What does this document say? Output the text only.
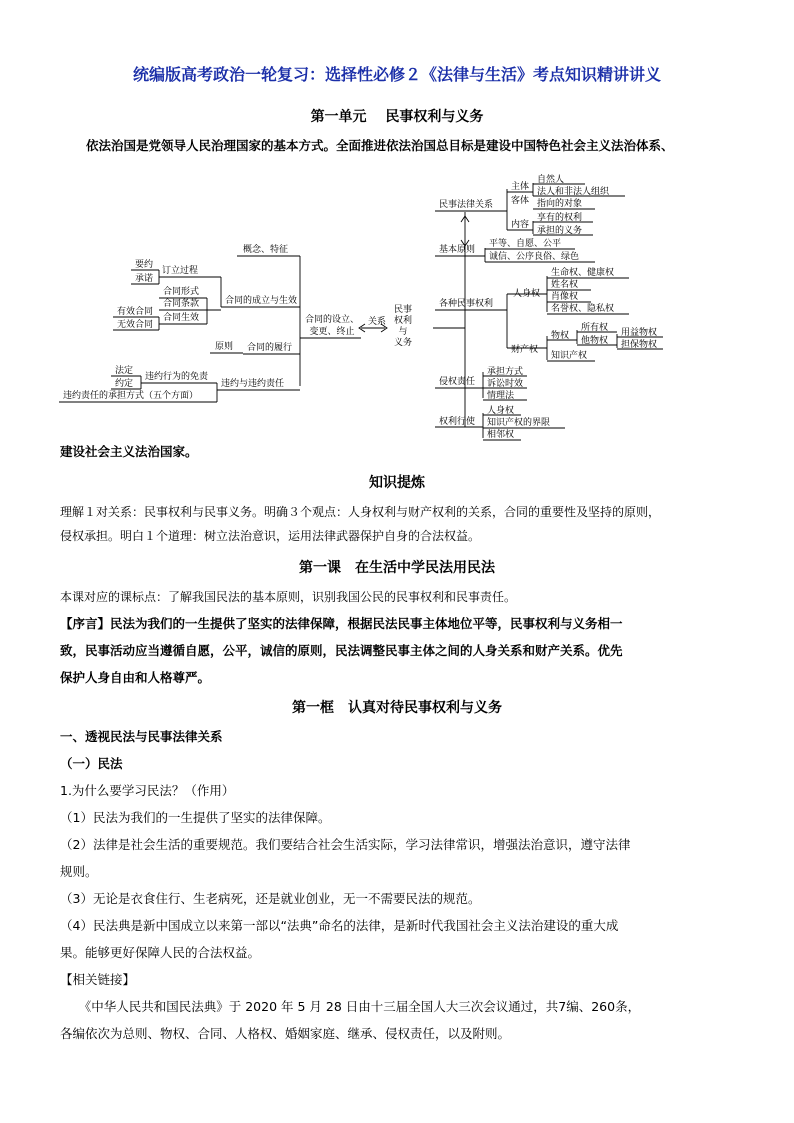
统编版高考政治一轮复习：选择性必修２《法律与生活》考点知识精讲讲义
第一单元　 民事权利与义务
依法治国是党领导人民治理国家的基本方式。全面推进依法治国总目标是建设中国特色社会主义法治体系、
民事
权利
与
义务
关系
合同的设立、
变更、终止
概念、特征
合同的成立与生效
合同的履行
违约与违约责任
订立过程
要约
承诺
合同形式
合同条款
合同生效
有效合同
无效合同
原则
违约行为的免责
法定
约定
违约责任的承担方式（五个方面）
民事法律关系
主体
自然人
法人和非法人组织
客体 指向的对象
内容
享有的权利
承担的义务
基本原则
平等、自愿、公平
诚信、公序良俗、绿色
各种民事权利
人身权
生命权、健康权
姓名权
肖像权
名誉权、隐私权
财产权
物权
所有权
他物权
用益物权
担保物权
知识产权
侵权责任
承担方式
诉讼时效
情理法
权利行使
人身权
知识产权的界限
相邻权
建设社会主义法治国家。
知识提炼
理解１对关系：民事权利与民事义务。明确３个观点：人身权利与财产权利的关系，合同的重要性及坚持的原则，
侵权承担。明白１个道理：树立法治意识，运用法律武器保护自身的合法权益。
第一课　在生活中学民法用民法
本课对应的课标点：了解我国民法的基本原则，识别我国公民的民事权利和民事责任。
【序言】民法为我们的一生提供了坚实的法律保障，根据民法民事主体地位平等，民事权利与义务相一
致，民事活动应当遵循自愿，公平，诚信的原则，民法调整民事主体之间的人身关系和财产关系。优先
保护人身自由和人格尊严。
第一框　认真对待民事权利与义务
一、透视民法与民事法律关系
（一）民法
1.为什么要学习民法？（作用）
（1）民法为我们的一生提供了坚实的法律保障。
（2）法律是社会生活的重要规范。我们要结合社会生活实际，学习法律常识，增强法治意识，遵守法律
规则。
（3）无论是衣食住行、生老病死，还是就业创业，无一不需要民法的规范。
（4）民法典是新中国成立以来第一部以“法典”命名的法律，是新时代我国社会主义法治建设的重大成
果。能够更好保障人民的合法权益。
【相关链接】
　　《中华人民共和国民法典》于 2020 年 5 月 28 日由十三届全国人大三次会议通过，共7编、260条，
各编依次为总则、物权、合同、人格权、婚姻家庭、继承、侵权责任，以及附则。
